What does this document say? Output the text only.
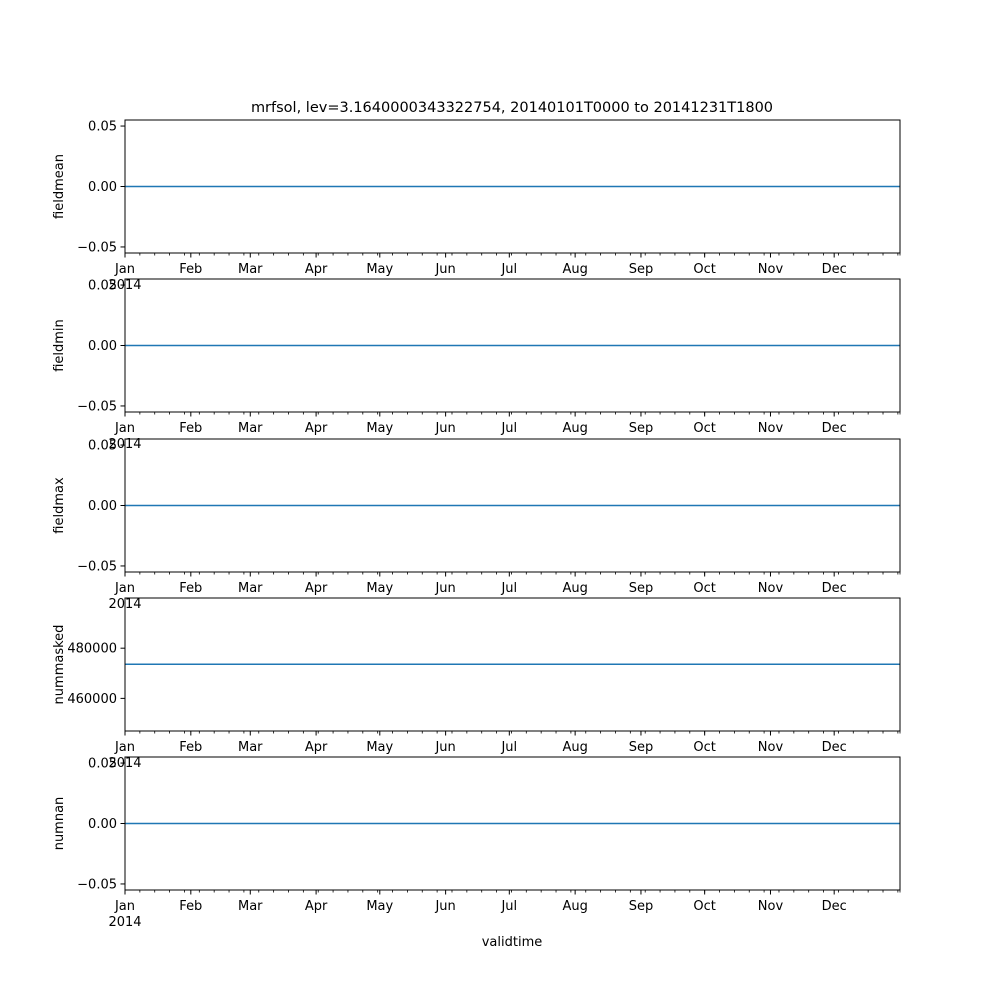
mrfsol, lev=3.1640000343322754, 20140101T0000 to 20141231T1800
validtime
−0.05
0.00
0.05
fieldmean
Jan	Feb	Mar	Apr	May	Jun	Jul	Aug	Sep	Oct	Nov	Dec
2014
−0.05
0.00
0.05
fieldmin
Jan	Feb	Mar	Apr	May	Jun	Jul	Aug	Sep	Oct	Nov	Dec
2014
−0.05
0.00
0.05
fieldmax
Jan	Feb	Mar	Apr	May	Jun	Jul	Aug	Sep	Oct	Nov	Dec
2014
460000
480000
nummasked
Jan	Feb	Mar	Apr	May	Jun	Jul	Aug	Sep	Oct	Nov	Dec
2014
−0.05
0.00
0.05
numnan
Jan	Feb	Mar	Apr	May	Jun	Jul	Aug	Sep	Oct	Nov	Dec
2014
